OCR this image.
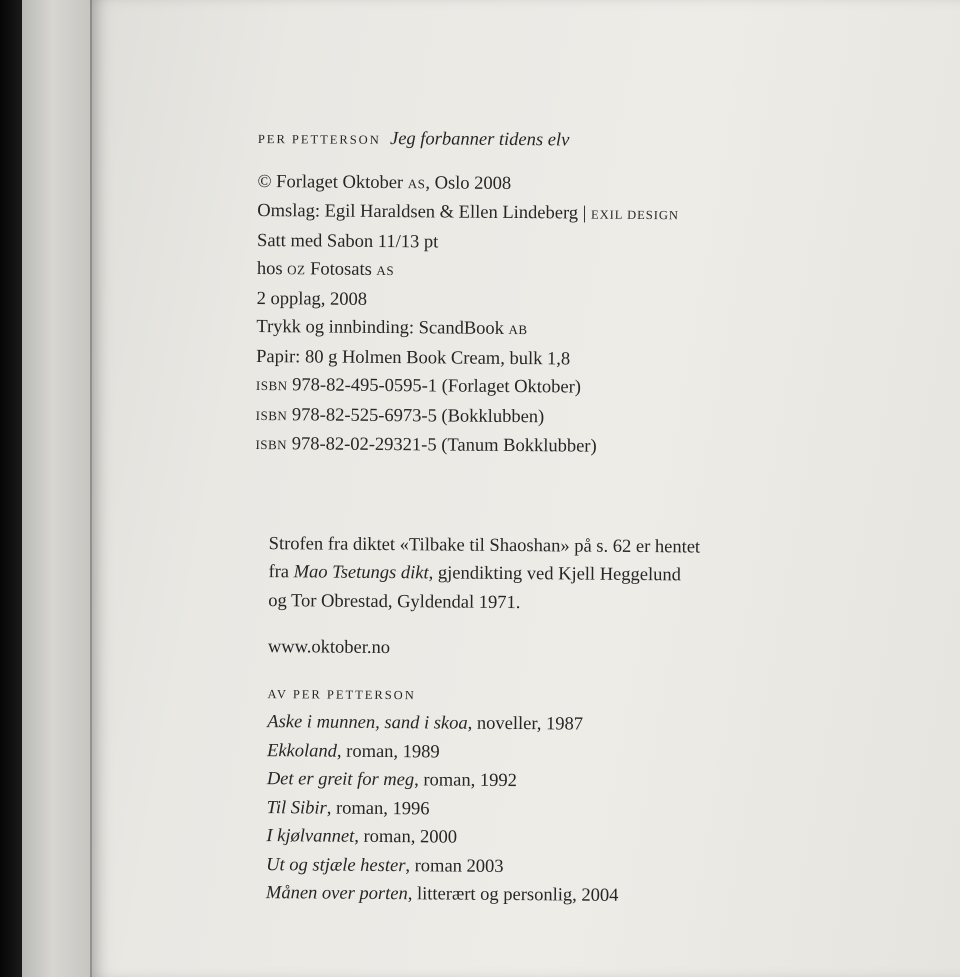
PER PETTERSON Jeg forbanner tidens elv
© Forlaget Oktober AS, Oslo 2008
Omslag: Egil Haraldsen & Ellen Lindeberg | EXIL DESIGN
Satt med Sabon 11/13 pt
hos OZ Fotosats AS
2 opplag, 2008
Trykk og innbinding: ScandBook AB
Papir: 80 g Holmen Book Cream, bulk 1,8
ISBN 978-82-495-0595-1 (Forlaget Oktober)
ISBN 978-82-525-6973-5 (Bokklubben)
ISBN 978-82-02-29321-5 (Tanum Bokklubber)
Strofen fra diktet «Tilbake til Shaoshan» på s. 62 er hentet
fra Mao Tsetungs dikt, gjendikting ved Kjell Heggelund
og Tor Obrestad, Gyldendal 1971.
www.oktober.no
AV PER PETTERSON
Aske i munnen, sand i skoa, noveller, 1987
Ekkoland, roman, 1989
Det er greit for meg, roman, 1992
Til Sibir, roman, 1996
I kjølvannet, roman, 2000
Ut og stjæle hester, roman 2003
Månen over porten, litterært og personlig, 2004
